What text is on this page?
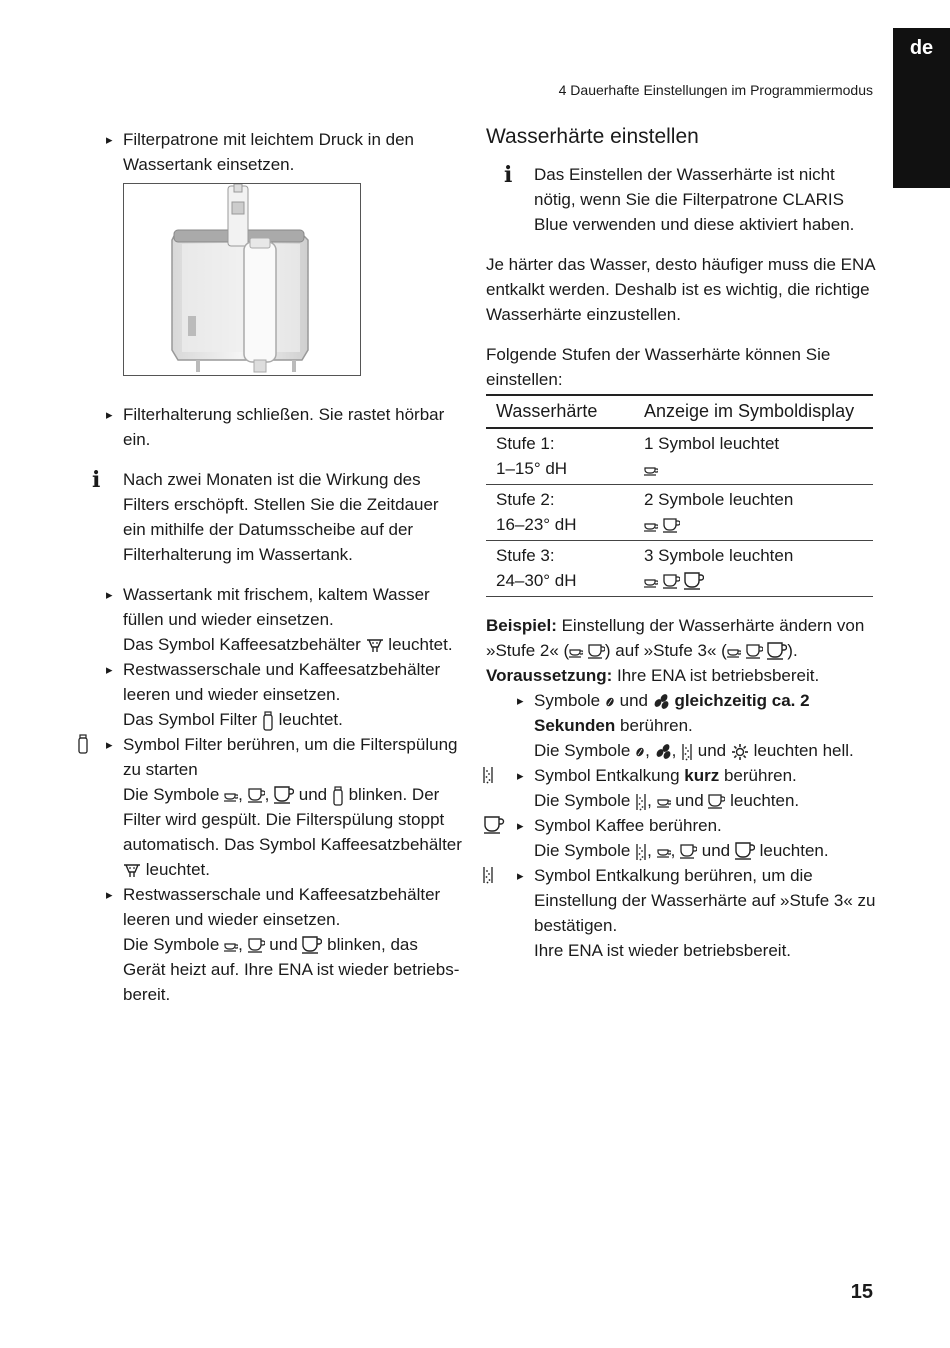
de
4 Dauerhafte Einstellungen im Programmiermodus
▸ Filterpatrone mit leichtem Druck in den Wassertank einsetzen.
▸ Filterhalterung schließen. Sie rastet hörbar ein.
i Nach zwei Monaten ist die Wirkung des Filters erschöpft. Stellen Sie die Zeitdauer ein mithilfe der Datumsscheibe auf der Filterhalterung im Wassertank.
▸ Wassertank mit frischem, kaltem Wasser füllen und wieder einsetzen.
Das Symbol Kaffeesatzbehälter leuchtet.
▸ Restwasserschale und Kaffeesatzbehälter leeren und wieder einsetzen.
Das Symbol Filter leuchtet.
▸ Symbol Filter berühren, um die Filterspülung zu starten
Die Symbole , ,  und blinken. Der Filter wird gespült. Die Filterspülung stoppt automatisch. Das Symbol Kaffeesatzbehälter  leuchtet.
▸ Restwasserschale und Kaffeesatzbehälter leeren und wieder einsetzen.
Die Symbole ,  und blinken, das Gerät heizt auf. Ihre ENA ist wieder betriebsbereit.
Wasserhärte einstellen
i Das Einstellen der Wasserhärte ist nicht nötig, wenn Sie die Filterpatrone CLARIS Blue verwenden und diese aktiviert haben.

Je härter das Wasser, desto häufiger muss die ENA entkalkt werden. Deshalb ist es wichtig, die richtige Wasserhärte einzustellen.

Folgende Stufen der Wasserhärte können Sie einstellen:

Wasserhärte	Anzeige im Symboldisplay

Stufe 1:
1–15° dH	1 Symbol leuchtet

Stufe 2:
16–23° dH	2 Symbole leuchten

Stufe 3:
24–30° dH	3 Symbole leuchten

Beispiel: Einstellung der Wasserhärte ändern von »Stufe 2« ( ) auf »Stufe 3« (	).

Voraussetzung: Ihre ENA ist betriebsbereit.

▸ Symbole und gleichzeitig ca. 2 Sekunden berühren.
Die Symbole , ,  und leuchten hell.
▸ Symbol Entkalkung kurz berühren.
Die Symbole ,  und leuchten.
▸ Symbol Kaffee berühren.
Die Symbole , ,  und leuchten.
▸ Symbol Entkalkung berühren, um die Einstellung der Wasserhärte auf »Stufe 3« zu bestätigen.
Ihre ENA ist wieder betriebsbereit.
15
